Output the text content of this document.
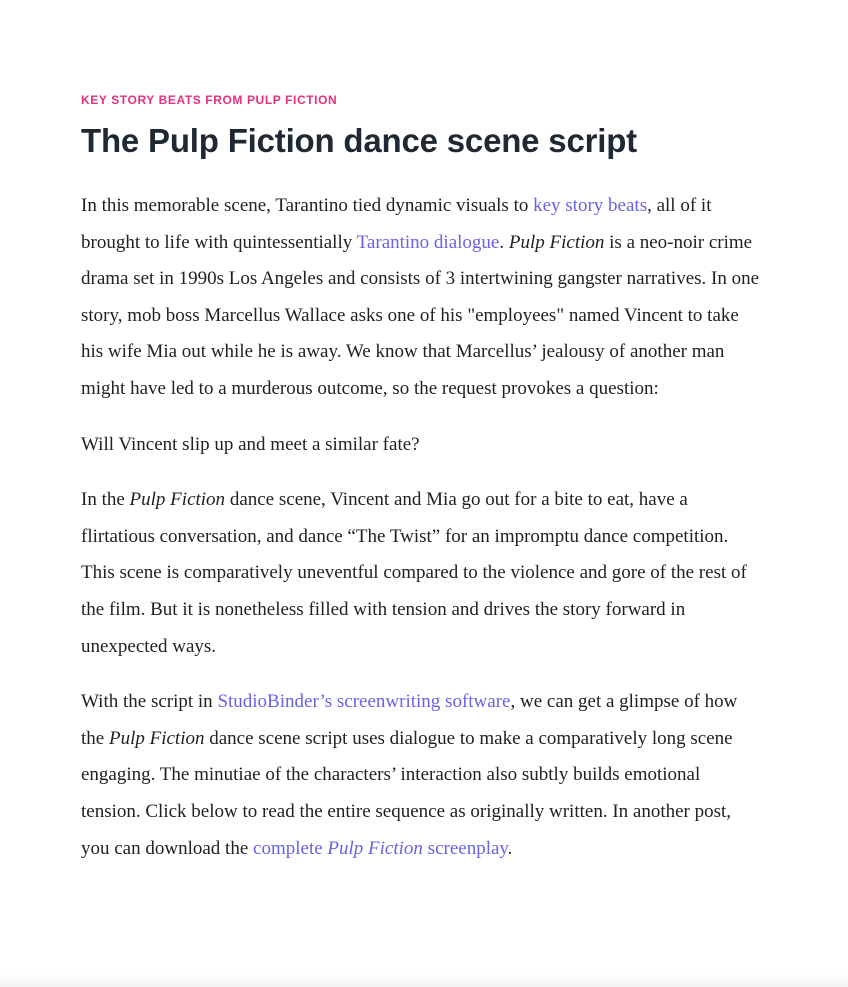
KEY STORY BEATS FROM PULP FICTION

The Pulp Fiction dance scene script

In this memorable scene, Tarantino tied dynamic visuals to key story beats, all of it brought to life with quintessentially Tarantino dialogue. Pulp Fiction is a neo-noir crime drama set in 1990s Los Angeles and consists of 3 intertwining gangster narratives. In one story, mob boss Marcellus Wallace asks one of his "employees" named Vincent to take his wife Mia out while he is away. We know that Marcellus’ jealousy of another man might have led to a murderous outcome, so the request provokes a question:

Will Vincent slip up and meet a similar fate?

In the Pulp Fiction dance scene, Vincent and Mia go out for a bite to eat, have a flirtatious conversation, and dance “The Twist” for an impromptu dance competition. This scene is comparatively uneventful compared to the violence and gore of the rest of the film. But it is nonetheless filled with tension and drives the story forward in unexpected ways.

With the script in StudioBinder’s screenwriting software, we can get a glimpse of how the Pulp Fiction dance scene script uses dialogue to make a comparatively long scene engaging. The minutiae of the characters’ interaction also subtly builds emotional tension. Click below to read the entire sequence as originally written. In another post, you can download the complete Pulp Fiction screenplay.
